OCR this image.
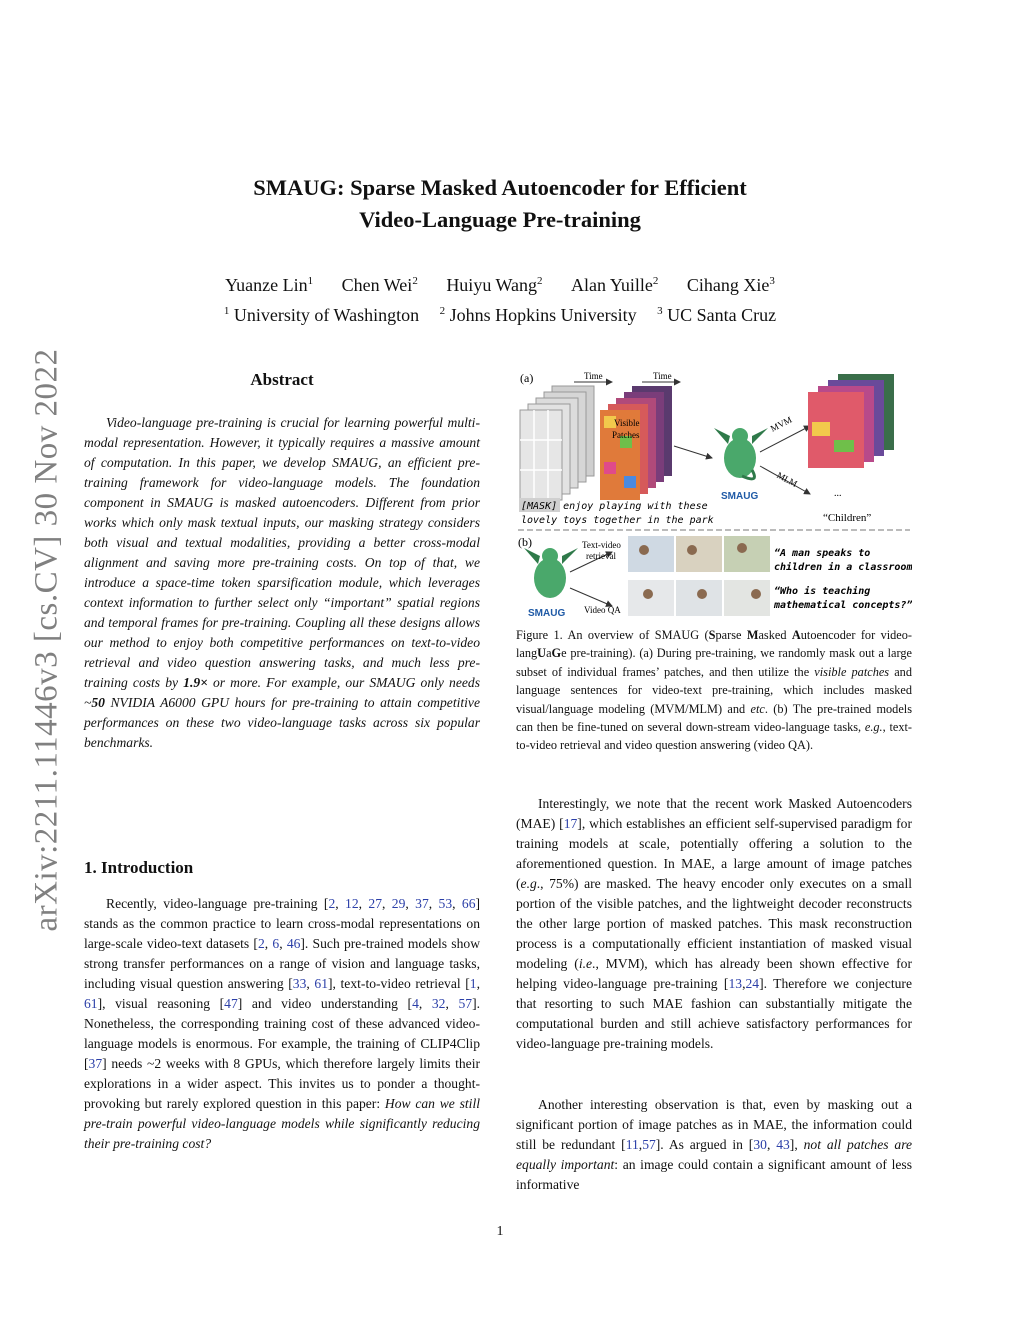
arXiv:2211.11446v3 [cs.CV] 30 Nov 2022
SMAUG: Sparse Masked Autoencoder for Efficient
Video-Language Pre-training
Yuanze Lin$^1$ Chen Wei$^2$ Huiyu Wang$^2$ Alan Yuille$^2$ Cihang Xie$^3$
$^1$ University of Washington $^2$ Johns Hopkins University $^3$ UC Santa Cruz
Abstract

Video-language pre-training is crucial for learning powerful multi-modal representation. However, it typically requires a massive amount of computation. In this paper, we develop SMAUG, an efficient pre-training framework for video-language models. The foundation component in SMAUG is masked autoencoders. Different from prior works which only mask textual inputs, our masking strategy considers both visual and textual modalities, providing a better cross-modal alignment and saving more pre-training costs. On top of that, we introduce a space-time token sparsification module, which leverages context information to further select only “important” spatial regions and temporal frames for pre-training. Coupling all these designs allows our method to enjoy both competitive performances on text-to-video retrieval and video question answering tasks, and much less pre-training costs by 1.9× or more. For example, our SMAUG only needs ~50 NVIDIA A6000 GPU hours for pre-training to attain competitive performances on these two video-language tasks across six popular benchmarks.

1. Introduction

Recently, video-language pre-training [2, 12, 27, 29, 37, 53, 66] stands as the common practice to learn cross-modal representations on large-scale video-text datasets [2, 6, 46]. Such pre-trained models show strong transfer performances on a range of vision and language tasks, including visual question answering [33, 61], text-to-video retrieval [1, 61], visual reasoning [47] and video understanding [4, 32, 57]. Nonetheless, the corresponding training cost of these advanced video-language models is enormous. For example, the training of CLIP4Clip [37] needs ~2 weeks with 8 GPUs, which therefore largely limits their explorations in a wider aspect. This invites us to ponder a thought-provoking but rarely explored question in this paper: How can we still pre-train powerful video-language models while significantly reducing their pre-training cost?

(a)	Time	Time
Visible
Patches
SMAUG
MVM
MLM
...
“Children”
[MASK] enjoy playing with these
lovely toys together in the park
(b)
SMAUG
Text-video
retrieval
Video QA
“A man speaks to
children in a classroom”
“Who is teaching
mathematical concepts?”

Figure 1. An overview of SMAUG (Sparse Masked Autoencoder for video-langUaGe pre-training). (a) During pre-training, we randomly mask out a large subset of individual frames’ patches, and then utilize the visible patches and language sentences for video-text pre-training, which includes masked visual/language modeling (MVM/MLM) and etc. (b) The pre-trained models can then be fine-tuned on several down-stream video-language tasks, e.g., text-to-video retrieval and video question answering (video QA).

Interestingly, we note that the recent work Masked Autoencoders (MAE) [17], which establishes an efficient self-supervised paradigm for training models at scale, potentially offering a solution to the aforementioned question. In MAE, a large amount of image patches (e.g., 75%) are masked. The heavy encoder only executes on a small portion of the visible patches, and the lightweight decoder reconstructs the other large portion of masked patches. This mask reconstruction process is a computationally efficient instantiation of masked visual modeling (i.e., MVM), which has already been shown effective for helping video-language pre-training [13,24]. Therefore we conjecture that resorting to such MAE fashion can substantially mitigate the computational burden and still achieve satisfactory performances for video-language pre-training models.

Another interesting observation is that, even by masking out a significant portion of image patches as in MAE, the information could still be redundant [11,57]. As argued in [30, 43], not all patches are equally important: an image could contain a significant amount of less informative

1
